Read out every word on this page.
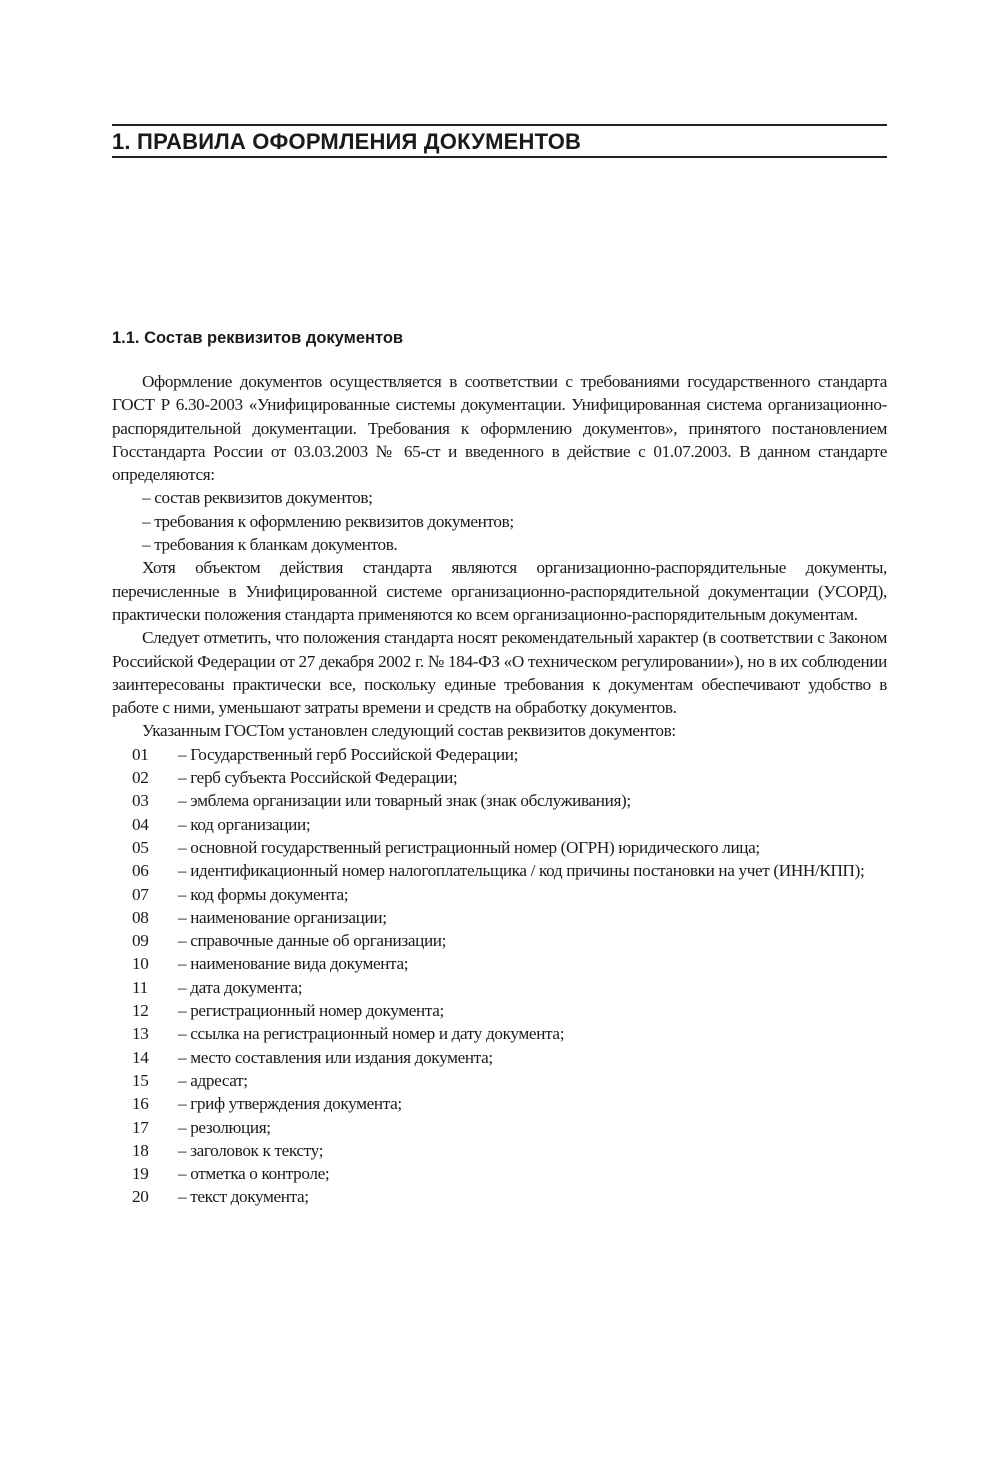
1. ПРАВИЛА ОФОРМЛЕНИЯ ДОКУМЕНТОВ
1.1. Состав реквизитов документов

Оформление документов осуществляется в соответствии с требованиями государственного стандарта ГОСТ Р 6.30-2003 «Унифицированные системы документации. Унифицированная система организационно-распорядительной документации. Требования к оформлению документов», принятого постановлением Госстандарта России от 03.03.2003 № 65-ст и введенного в действие с 01.07.2003. В данном стандарте определяются:

– состав реквизитов документов;

– требования к оформлению реквизитов документов;

– требования к бланкам документов.

Хотя объектом действия стандарта являются организационно-распорядительные документы, перечисленные в Унифицированной системе организационно-распорядительной документации (УСОРД), практически положения стандарта применяются ко всем организационно-распорядительным документам.

Следует отметить, что положения стандарта носят рекомендательный характер (в соответствии с Законом Российской Федерации от 27 декабря 2002 г. № 184-ФЗ «О техническом регулировании»), но в их соблюдении заинтересованы практически все, поскольку единые требования к документам обеспечивают удобство в работе с ними, уменьшают затраты времени и средств на обработку документов.

Указанным ГОСТом установлен следующий состав реквизитов документов:

01 – Государственный герб Российской Федерации;

02 – герб субъекта Российской Федерации;

03 – эмблема организации или товарный знак (знак обслуживания);

04 – код организации;

05 – основной государственный регистрационный номер (ОГРН) юридического лица;

06 – идентификационный номер налогоплательщика / код причины постановки на учет (ИНН/КПП);

07 – код формы документа;

08 – наименование организации;

09 – справочные данные об организации;

10 – наименование вида документа;

11 – дата документа;

12 – регистрационный номер документа;

13 – ссылка на регистрационный номер и дату документа;

14 – место составления или издания документа;

15 – адресат;

16 – гриф утверждения документа;

17 – резолюция;

18 – заголовок к тексту;

19 – отметка о контроле;

20 – текст документа;
